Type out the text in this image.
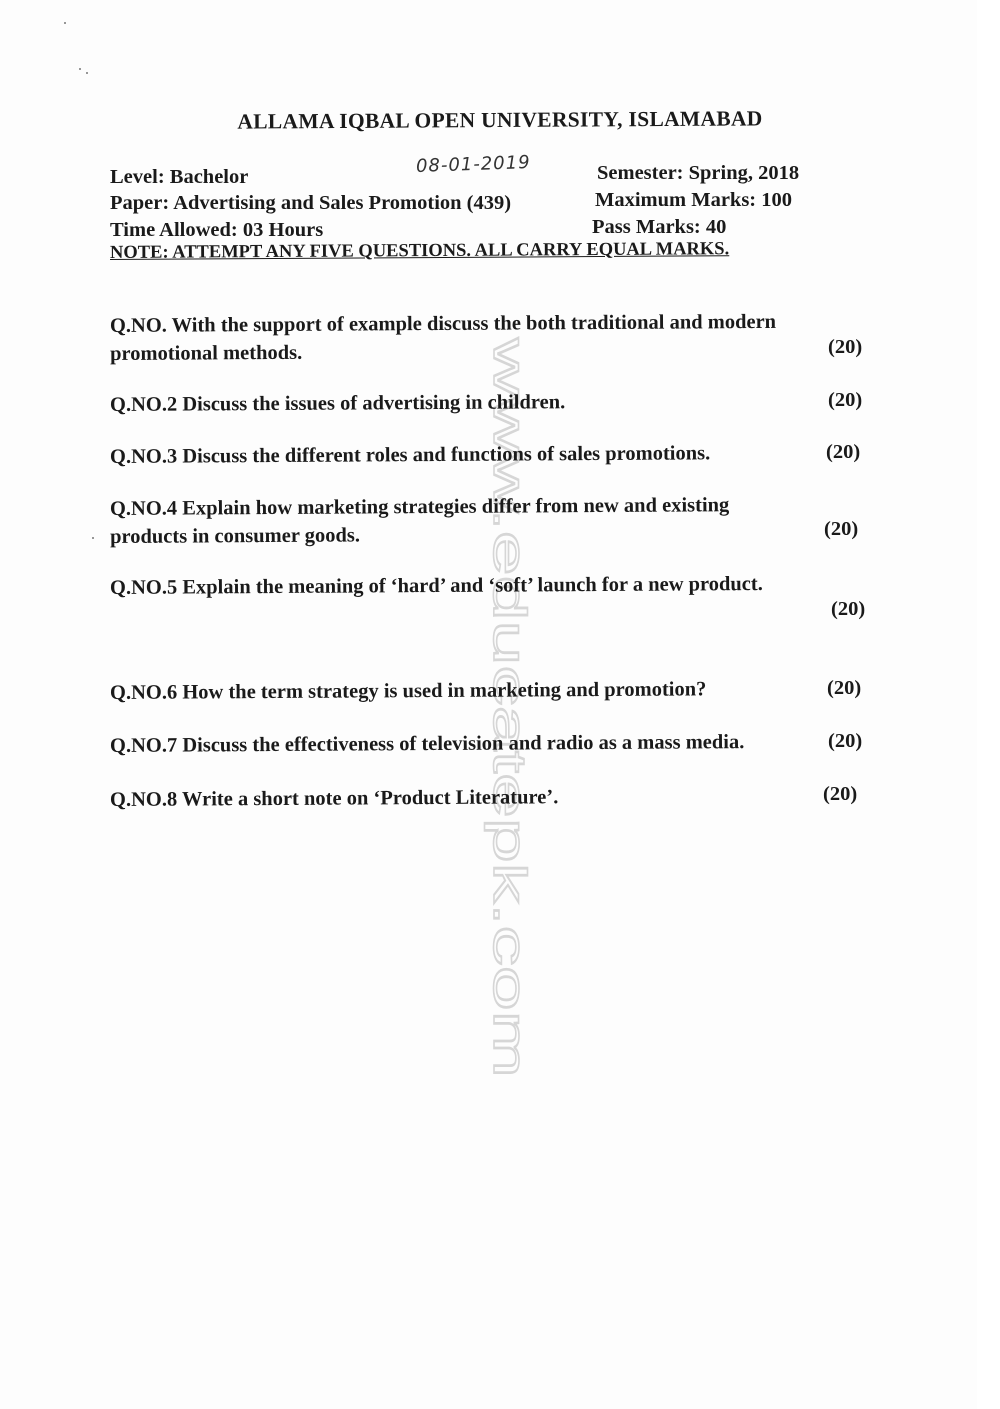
www.educatepk.com
ALLAMA IQBAL OPEN UNIVERSITY, ISLAMABAD
Level: Bachelor
Paper: Advertising and Sales Promotion (439)
Time Allowed: 03 Hours
08-01-2019	Semester: Spring, 2018
Maximum Marks: 100
Pass Marks: 40
NOTE: ATTEMPT ANY FIVE QUESTIONS. ALL CARRY EQUAL MARKS.
Q.NO. With the support of example discuss the both traditional and modern
promotional methods.	(20)
Q.NO.2 Discuss the issues of advertising in children.	(20)
Q.NO.3 Discuss the different roles and functions of sales promotions.	(20)
Q.NO.4 Explain how marketing strategies differ from new and existing
products in consumer goods.	(20)
Q.NO.5 Explain the meaning of ‘hard’ and ‘soft’ launch for a new product.
(20)
Q.NO.6 How the term strategy is used in marketing and promotion?	(20)
Q.NO.7 Discuss the effectiveness of television and radio as a mass media.	(20)
Q.NO.8 Write a short note on ‘Product Literature’.	(20)
